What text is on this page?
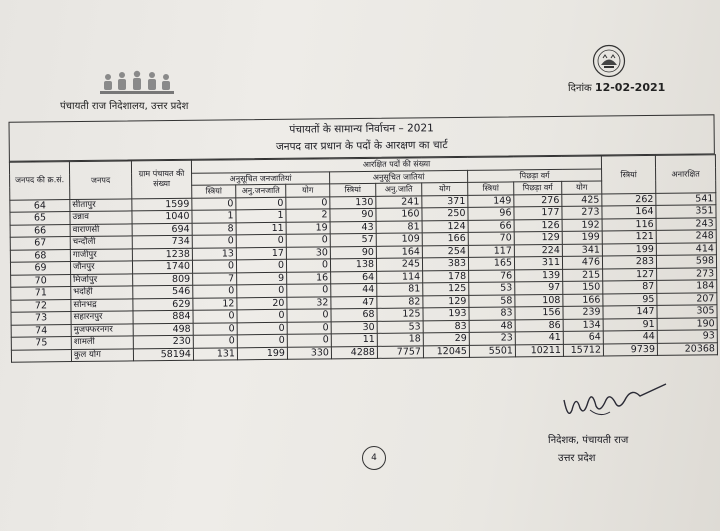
पंचायती राज निदेशालय, उत्तर प्रदेश
दिनांक 12-02-2021
पंचायतों के सामान्य निर्वाचन – 2021
जनपद वार प्रधान के पदों के आरक्षण का चार्ट
जनपद की क्र.सं.	जनपद	ग्राम पंचायत की संख्या	आरक्षित पदों की संख्या									स्त्रियां	अनारक्षित
			अनुसूचित जनजातियां			अनुसूचित जातियां			पिछड़ा वर्ग				
			स्त्रियां	अनु.जनजाति	योग	स्त्रियां	अनु.जाति	योग	स्त्रियां	पिछड़ा वर्ग	योग		
64	सीतापुर	1599	0	0	0	130	241	371	149	276	425	262	541
65	उन्नाव	1040	1	1	2	90	160	250	96	177	273	164	351
66	वाराणसी	694	8	11	19	43	81	124	66	126	192	116	243
67	चन्दौली	734	0	0	0	57	109	166	70	129	199	121	248
68	गाजीपुर	1238	13	17	30	90	164	254	117	224	341	199	414
69	जौनपुर	1740	0	0	0	138	245	383	165	311	476	283	598
70	मिर्जापुर	809	7	9	16	64	114	178	76	139	215	127	273
71	भदोही	546	0	0	0	44	81	125	53	97	150	87	184
72	सोनभद्र	629	12	20	32	47	82	129	58	108	166	95	207
73	सहारनपुर	884	0	0	0	68	125	193	83	156	239	147	305
74	मुजफ्फरनगर	498	0	0	0	30	53	83	48	86	134	91	190
75	शामली	230	0	0	0	11	18	29	23	41	64	44	93
	कुल योग	58194	131	199	330	4288	7757	12045	5501	10211	15712	9739	20368
4
निदेशक, पंचायती राज
उत्तर प्रदेश
